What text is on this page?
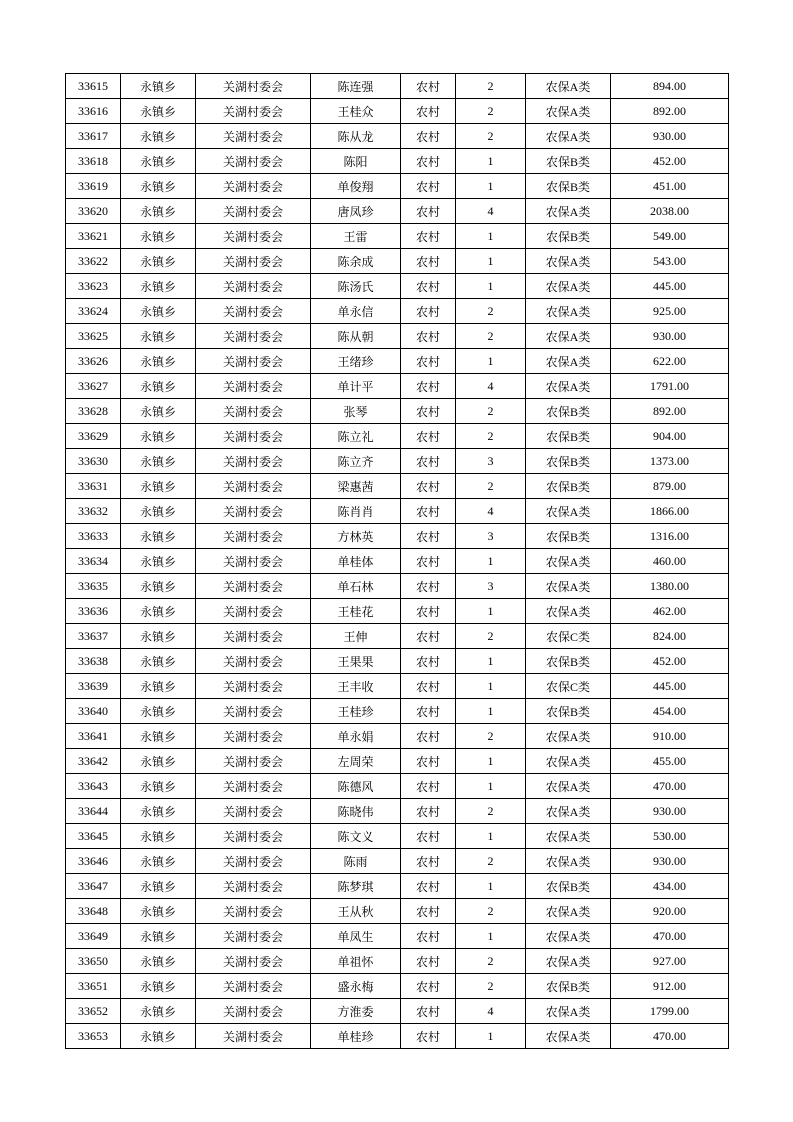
33615	永镇乡	关湖村委会	陈连强	农村	2	农保A类	894.00
33616	永镇乡	关湖村委会	王桂众	农村	2	农保A类	892.00
33617	永镇乡	关湖村委会	陈从龙	农村	2	农保A类	930.00
33618	永镇乡	关湖村委会	陈阳	农村	1	农保B类	452.00
33619	永镇乡	关湖村委会	单俊翔	农村	1	农保B类	451.00
33620	永镇乡	关湖村委会	唐凤珍	农村	4	农保A类	2038.00
33621	永镇乡	关湖村委会	王雷	农村	1	农保B类	549.00
33622	永镇乡	关湖村委会	陈余成	农村	1	农保A类	543.00
33623	永镇乡	关湖村委会	陈汤氏	农村	1	农保A类	445.00
33624	永镇乡	关湖村委会	单永信	农村	2	农保A类	925.00
33625	永镇乡	关湖村委会	陈从朝	农村	2	农保A类	930.00
33626	永镇乡	关湖村委会	王绪珍	农村	1	农保A类	622.00
33627	永镇乡	关湖村委会	单计平	农村	4	农保A类	1791.00
33628	永镇乡	关湖村委会	张琴	农村	2	农保B类	892.00
33629	永镇乡	关湖村委会	陈立礼	农村	2	农保B类	904.00
33630	永镇乡	关湖村委会	陈立齐	农村	3	农保B类	1373.00
33631	永镇乡	关湖村委会	梁惠茜	农村	2	农保B类	879.00
33632	永镇乡	关湖村委会	陈肖肖	农村	4	农保A类	1866.00
33633	永镇乡	关湖村委会	方林英	农村	3	农保B类	1316.00
33634	永镇乡	关湖村委会	单桂体	农村	1	农保A类	460.00
33635	永镇乡	关湖村委会	单石林	农村	3	农保A类	1380.00
33636	永镇乡	关湖村委会	王桂花	农村	1	农保A类	462.00
33637	永镇乡	关湖村委会	王伸	农村	2	农保C类	824.00
33638	永镇乡	关湖村委会	王果果	农村	1	农保B类	452.00
33639	永镇乡	关湖村委会	王丰收	农村	1	农保C类	445.00
33640	永镇乡	关湖村委会	王桂珍	农村	1	农保B类	454.00
33641	永镇乡	关湖村委会	单永娟	农村	2	农保A类	910.00
33642	永镇乡	关湖村委会	左周荣	农村	1	农保A类	455.00
33643	永镇乡	关湖村委会	陈德风	农村	1	农保A类	470.00
33644	永镇乡	关湖村委会	陈晓伟	农村	2	农保A类	930.00
33645	永镇乡	关湖村委会	陈文义	农村	1	农保A类	530.00
33646	永镇乡	关湖村委会	陈雨	农村	2	农保A类	930.00
33647	永镇乡	关湖村委会	陈梦琪	农村	1	农保B类	434.00
33648	永镇乡	关湖村委会	王从秋	农村	2	农保A类	920.00
33649	永镇乡	关湖村委会	单凤生	农村	1	农保A类	470.00
33650	永镇乡	关湖村委会	单祖怀	农村	2	农保A类	927.00
33651	永镇乡	关湖村委会	盛永梅	农村	2	农保B类	912.00
33652	永镇乡	关湖村委会	方淮委	农村	4	农保A类	1799.00
33653	永镇乡	关湖村委会	单桂珍	农村	1	农保A类	470.00
